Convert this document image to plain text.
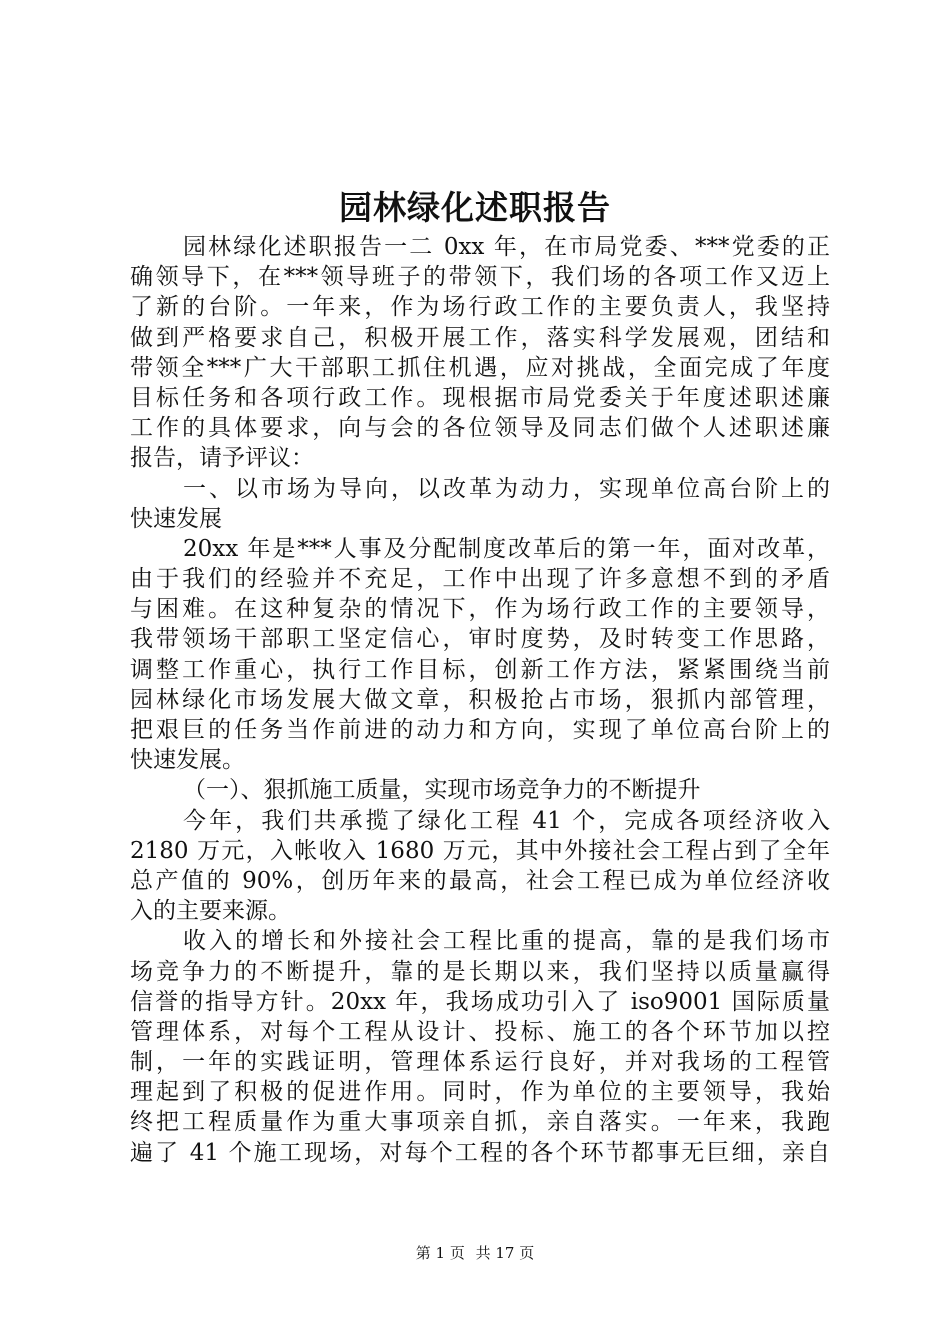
园林绿化述职报告
园林绿化述职报告一二 0xx 年，在市局党委、***党委的正
确领导下，在***领导班子的带领下，我们场的各项工作又迈上
了新的台阶。一年来，作为场行政工作的主要负责人，我坚持
做到严格要求自己，积极开展工作，落实科学发展观，团结和
带领全***广大干部职工抓住机遇，应对挑战，全面完成了年度
目标任务和各项行政工作。现根据市局党委关于年度述职述廉
工作的具体要求，向与会的各位领导及同志们做个人述职述廉
报告，请予评议：
一、以市场为导向，以改革为动力，实现单位高台阶上的
快速发展
20xx 年是***人事及分配制度改革后的第一年，面对改革，
由于我们的经验并不充足，工作中出现了许多意想不到的矛盾
与困难。在这种复杂的情况下，作为场行政工作的主要领导，
我带领场干部职工坚定信心，审时度势，及时转变工作思路，
调整工作重心，执行工作目标，创新工作方法，紧紧围绕当前
园林绿化市场发展大做文章，积极抢占市场，狠抓内部管理，
把艰巨的任务当作前进的动力和方向，实现了单位高台阶上的
快速发展。
（一）、狠抓施工质量，实现市场竞争力的不断提升
今年，我们共承揽了绿化工程 41 个，完成各项经济收入
2180 万元，入帐收入 1680 万元，其中外接社会工程占到了全年
总产值的 90%，创历年来的最高，社会工程已成为单位经济收
入的主要来源。
收入的增长和外接社会工程比重的提高，靠的是我们场市
场竞争力的不断提升，靠的是长期以来，我们坚持以质量赢得
信誉的指导方针。20xx 年，我场成功引入了 iso9001 国际质量
管理体系，对每个工程从设计、投标、施工的各个环节加以控
制，一年的实践证明，管理体系运行良好，并对我场的工程管
理起到了积极的促进作用。同时，作为单位的主要领导，我始
终把工程质量作为重大事项亲自抓，亲自落实。一年来，我跑
遍了 41 个施工现场，对每个工程的各个环节都事无巨细，亲自
第 1 页 共 17 页
